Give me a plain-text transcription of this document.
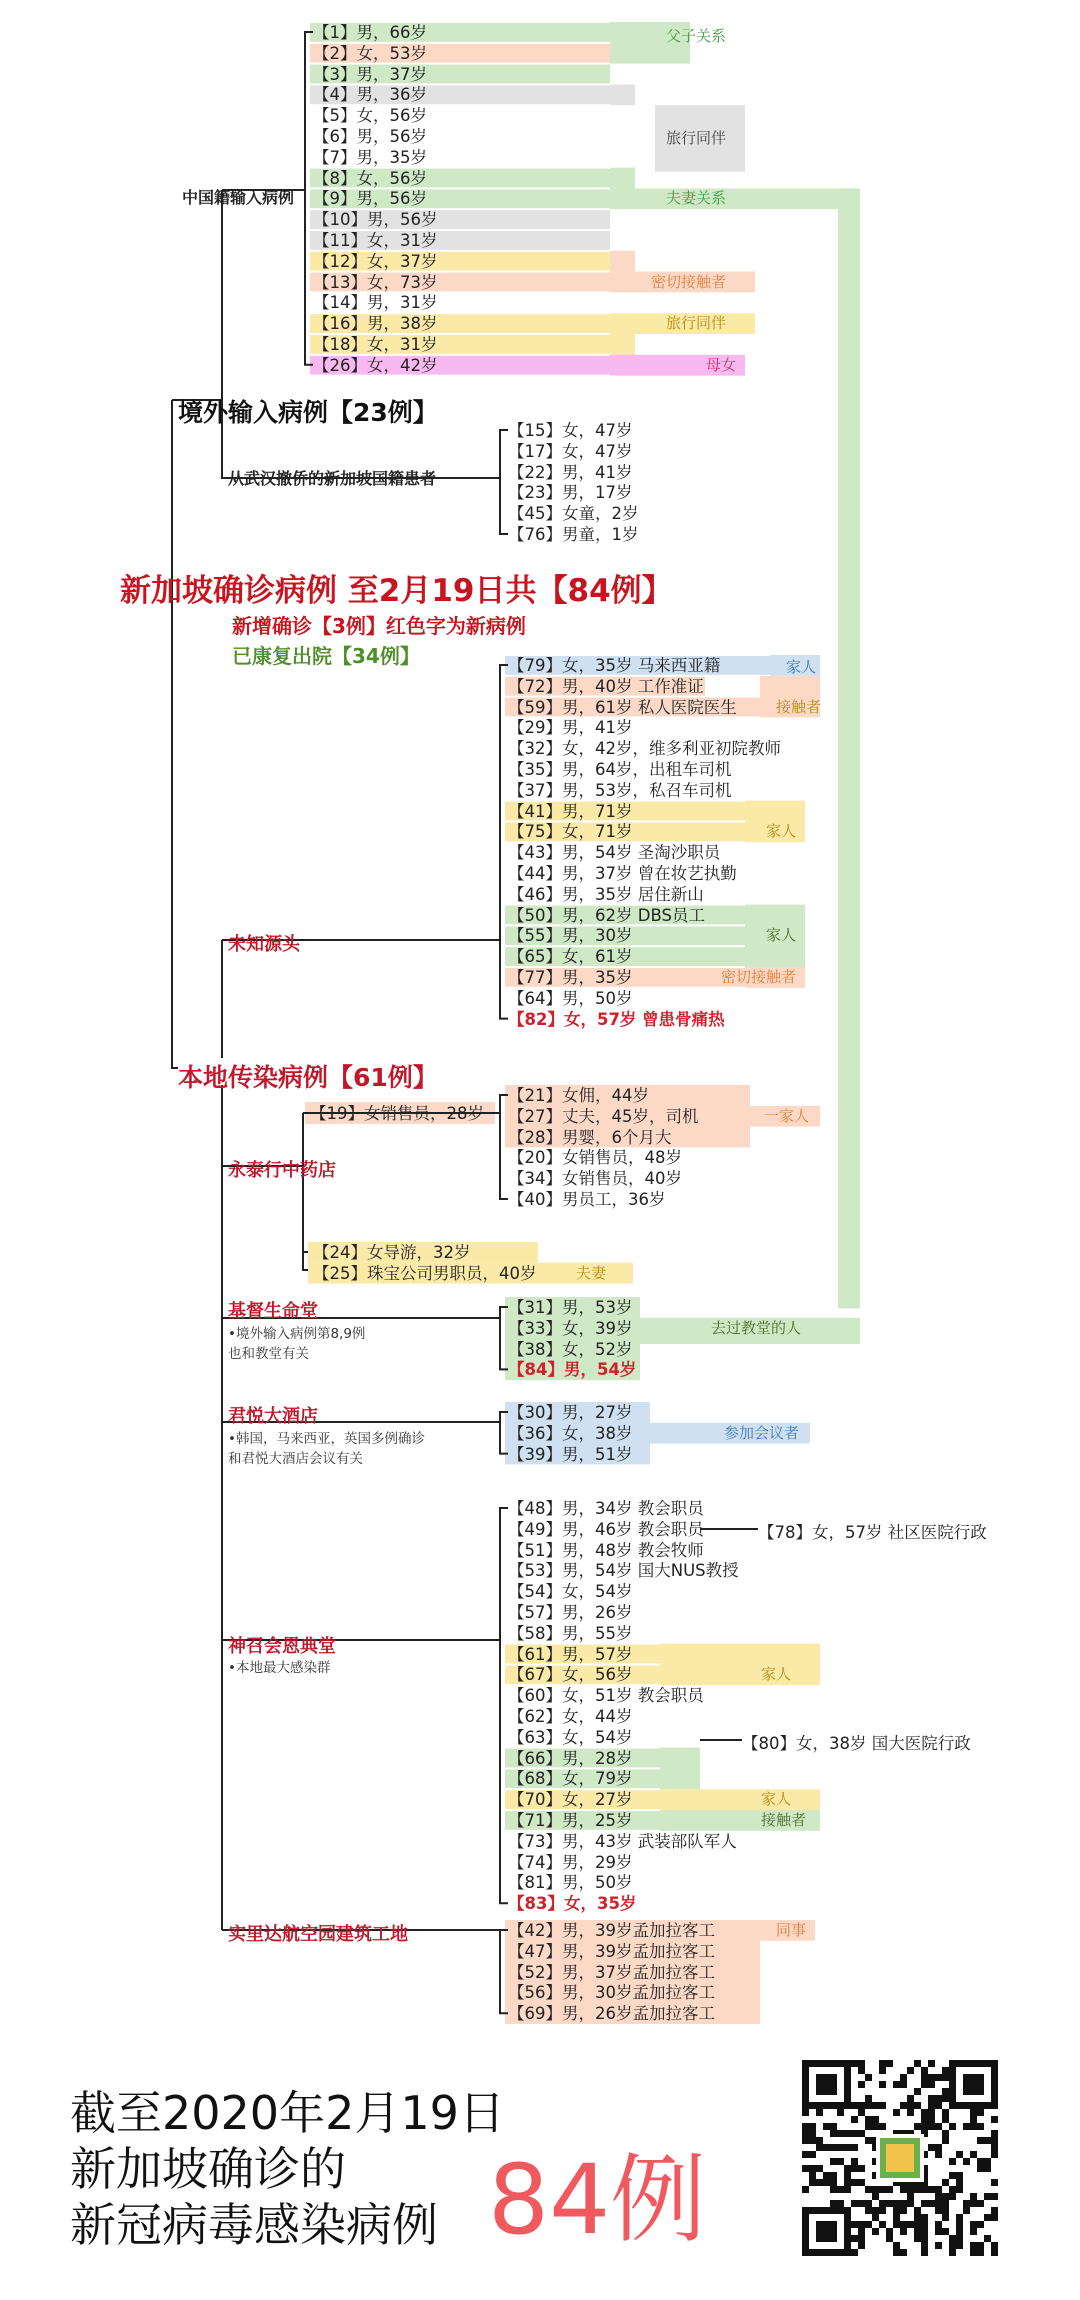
【1】男，66岁
【2】女，53岁
【3】男，37岁
【4】男，36岁
【5】女，56岁
【6】男，56岁
【7】男，35岁
【8】女，56岁
【9】男，56岁
【10】男，56岁
【11】女，31岁
【12】女，37岁
【13】女，73岁
【14】男，31岁
【16】男，38岁
【18】女，31岁
【26】女，42岁
父子关系
旅行同伴
夫妻关系
密切接触者
旅行同伴
母女
【15】女，47岁
【17】女，47岁
【22】男，41岁
【23】男，17岁
【45】女童，2岁
【76】男童，1岁
【79】女，35岁 马来西亚籍
【72】男，40岁 工作准证
【59】男，61岁 私人医院医生
【29】男，41岁
【32】女，42岁，维多利亚初院教师
【35】男，64岁，出租车司机
【37】男，53岁，私召车司机
【41】男，71岁
【75】女，71岁
【43】男，54岁 圣淘沙职员
【44】男，37岁 曾在妆艺执勤
【46】男，35岁 居住新山
【50】男，62岁 DBS员工
【55】男，30岁
【65】女，61岁
【77】男，35岁
【64】男，50岁
【82】女，57岁 曾患骨痛热
家人
接触者
家人
家人
密切接触者
【19】女销售员，28岁
【21】女佣，44岁
【27】丈夫，45岁，司机
【28】男婴，6个月大
【20】女销售员，48岁
【34】女销售员，40岁
【40】男员工，36岁
一家人
【24】女导游，32岁
【25】珠宝公司男职员，40岁	夫妻
【31】男，53岁
【33】女，39岁
【38】女，52岁
【84】男，54岁
去过教堂的人
【30】男，27岁
【36】女，38岁
【39】男，51岁
参加会议者
【48】男，34岁 教会职员
【49】男，46岁 教会职员
【51】男，48岁 教会牧师
【53】男，54岁 国大NUS教授
【54】女，54岁
【57】男，26岁
【58】男，55岁
【61】男，57岁
【67】女，56岁
【60】女，51岁 教会职员
【62】女，44岁
【63】女，54岁
【66】男，28岁
【68】女，79岁
【70】女，27岁
【71】男，25岁
【73】男，43岁 武装部队军人
【74】男，29岁
【81】男，50岁
【83】女，35岁
家人
家人
接触者
【42】男，39岁孟加拉客工
【47】男，39岁孟加拉客工
【52】男，37岁孟加拉客工
【56】男，30岁孟加拉客工
【69】男，26岁孟加拉客工
同事
新加坡确诊病例 至2月19日共【84例】
新增确诊【3例】红色字为新病例
已康复出院【34例】
境外输入病例【23例】
中国籍输入病例
从武汉撤侨的新加坡国籍患者
本地传染病例【61例】
未知源头
永泰行中药店
基督生命堂
•境外输入病例第8,9例
也和教堂有关
君悦大酒店
•韩国，马来西亚，英国多例确诊
和君悦大酒店会议有关
神召会恩典堂
•本地最大感染群
实里达航空园建筑工地
【78】女，57岁 社区医院行政
【80】女，38岁 国大医院行政
截至2020年2月19日
新加坡确诊的
新冠病毒感染病例 84例
